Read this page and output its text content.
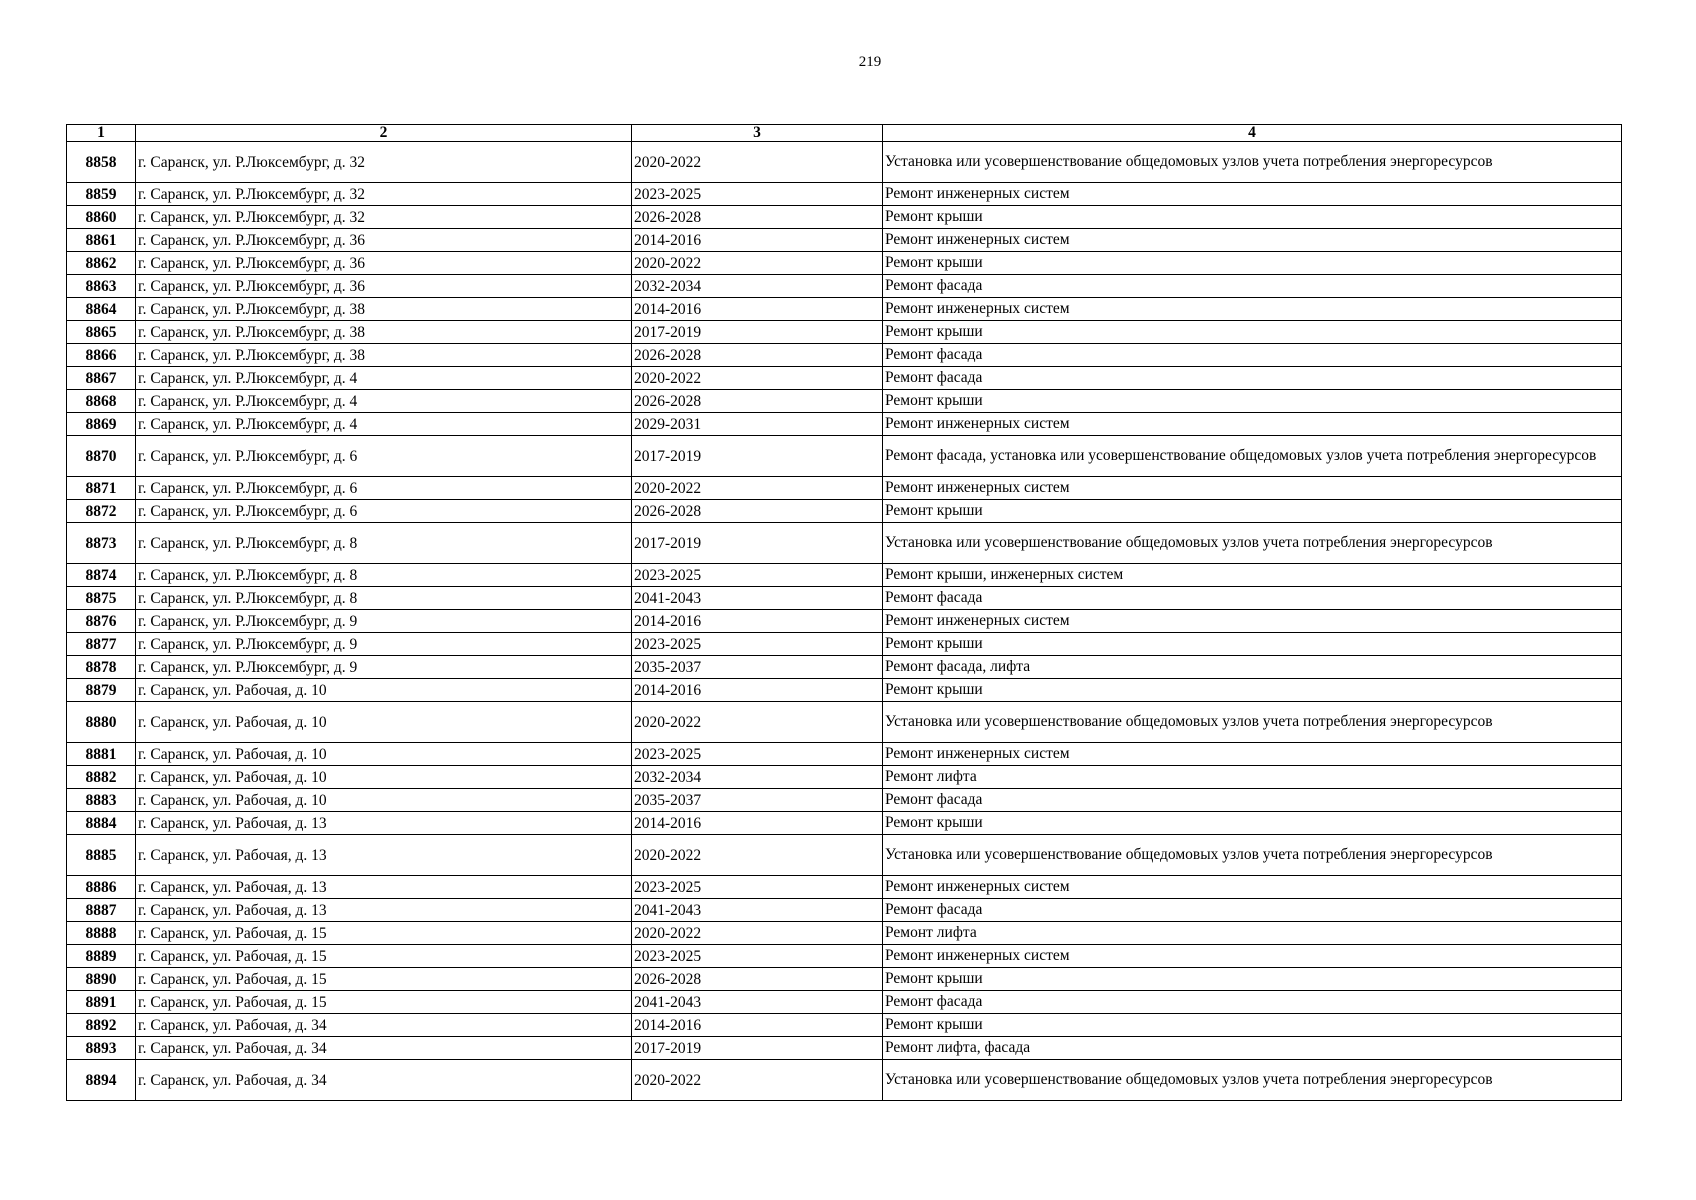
219
1	2	3	4
8858	г. Саранск, ул. Р.Люксембург, д. 32	2020-2022	Установка или усовершенствование общедомовых узлов учета потребления энергоресурсов
8859	г. Саранск, ул. Р.Люксембург, д. 32	2023-2025	Ремонт инженерных систем
8860	г. Саранск, ул. Р.Люксембург, д. 32	2026-2028	Ремонт крыши
8861	г. Саранск, ул. Р.Люксембург, д. 36	2014-2016	Ремонт инженерных систем
8862	г. Саранск, ул. Р.Люксембург, д. 36	2020-2022	Ремонт крыши
8863	г. Саранск, ул. Р.Люксембург, д. 36	2032-2034	Ремонт фасада
8864	г. Саранск, ул. Р.Люксембург, д. 38	2014-2016	Ремонт инженерных систем
8865	г. Саранск, ул. Р.Люксембург, д. 38	2017-2019	Ремонт крыши
8866	г. Саранск, ул. Р.Люксембург, д. 38	2026-2028	Ремонт фасада
8867	г. Саранск, ул. Р.Люксембург, д. 4	2020-2022	Ремонт фасада
8868	г. Саранск, ул. Р.Люксембург, д. 4	2026-2028	Ремонт крыши
8869	г. Саранск, ул. Р.Люксембург, д. 4	2029-2031	Ремонт инженерных систем
8870	г. Саранск, ул. Р.Люксембург, д. 6	2017-2019	Ремонт фасада, установка или усовершенствование общедомовых узлов учета потребления энергоресурсов
8871	г. Саранск, ул. Р.Люксембург, д. 6	2020-2022	Ремонт инженерных систем
8872	г. Саранск, ул. Р.Люксембург, д. 6	2026-2028	Ремонт крыши
8873	г. Саранск, ул. Р.Люксембург, д. 8	2017-2019	Установка или усовершенствование общедомовых узлов учета потребления энергоресурсов
8874	г. Саранск, ул. Р.Люксембург, д. 8	2023-2025	Ремонт крыши, инженерных систем
8875	г. Саранск, ул. Р.Люксембург, д. 8	2041-2043	Ремонт фасада
8876	г. Саранск, ул. Р.Люксембург, д. 9	2014-2016	Ремонт инженерных систем
8877	г. Саранск, ул. Р.Люксембург, д. 9	2023-2025	Ремонт крыши
8878	г. Саранск, ул. Р.Люксембург, д. 9	2035-2037	Ремонт фасада, лифта
8879	г. Саранск, ул. Рабочая, д. 10	2014-2016	Ремонт крыши
8880	г. Саранск, ул. Рабочая, д. 10	2020-2022	Установка или усовершенствование общедомовых узлов учета потребления энергоресурсов
8881	г. Саранск, ул. Рабочая, д. 10	2023-2025	Ремонт инженерных систем
8882	г. Саранск, ул. Рабочая, д. 10	2032-2034	Ремонт лифта
8883	г. Саранск, ул. Рабочая, д. 10	2035-2037	Ремонт фасада
8884	г. Саранск, ул. Рабочая, д. 13	2014-2016	Ремонт крыши
8885	г. Саранск, ул. Рабочая, д. 13	2020-2022	Установка или усовершенствование общедомовых узлов учета потребления энергоресурсов
8886	г. Саранск, ул. Рабочая, д. 13	2023-2025	Ремонт инженерных систем
8887	г. Саранск, ул. Рабочая, д. 13	2041-2043	Ремонт фасада
8888	г. Саранск, ул. Рабочая, д. 15	2020-2022	Ремонт лифта
8889	г. Саранск, ул. Рабочая, д. 15	2023-2025	Ремонт инженерных систем
8890	г. Саранск, ул. Рабочая, д. 15	2026-2028	Ремонт крыши
8891	г. Саранск, ул. Рабочая, д. 15	2041-2043	Ремонт фасада
8892	г. Саранск, ул. Рабочая, д. 34	2014-2016	Ремонт крыши
8893	г. Саранск, ул. Рабочая, д. 34	2017-2019	Ремонт лифта, фасада
8894	г. Саранск, ул. Рабочая, д. 34	2020-2022	Установка или усовершенствование общедомовых узлов учета потребления энергоресурсов
